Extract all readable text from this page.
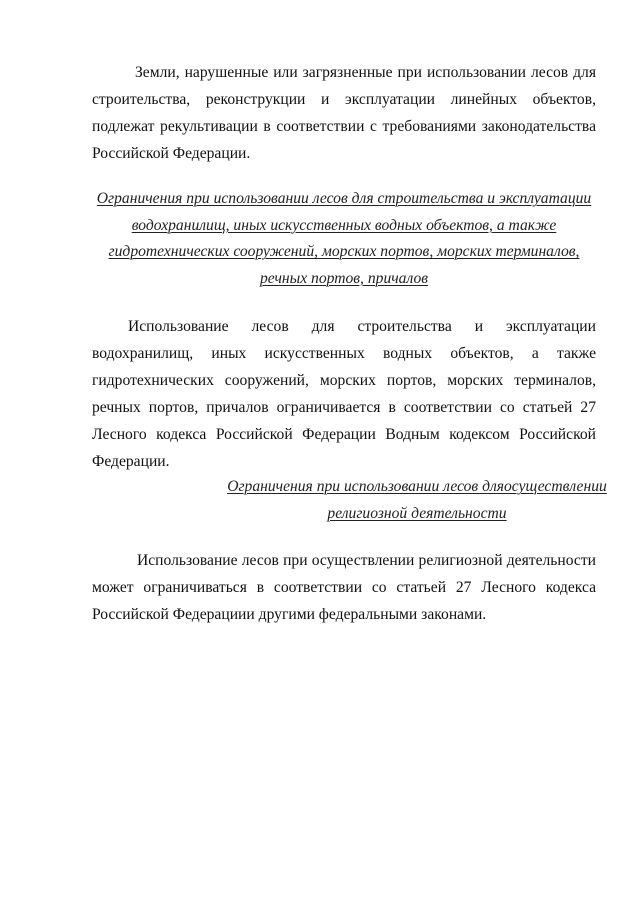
Земли, нарушенные или загрязненные при использовании лесов для строительства, реконструкции и эксплуатации линейных объектов, подлежат рекультивации в соответствии с требованиями законодательства Российской Федерации.

Ограничения при использовании лесов для строительства и эксплуатации водохранилищ, иных искусственных водных объектов, а также гидротехнических сооружений, морских портов, морских терминалов, речных портов, причалов

Использование лесов для строительства и эксплуатации водохранилищ, иных искусственных водных объектов, а также гидротехнических сооружений, морских портов, морских терминалов, речных портов, причалов ограничивается в соответствии со статьей 27 Лесного кодекса Российской Федерации Водным кодексом Российской Федерации.

Ограничения при использовании лесов дляосуществлении религиозной деятельности

Использование лесов при осуществлении религиозной деятельности может ограничиваться в соответствии со статьей 27 Лесного кодекса Российской Федерациии другими федеральными законами.
